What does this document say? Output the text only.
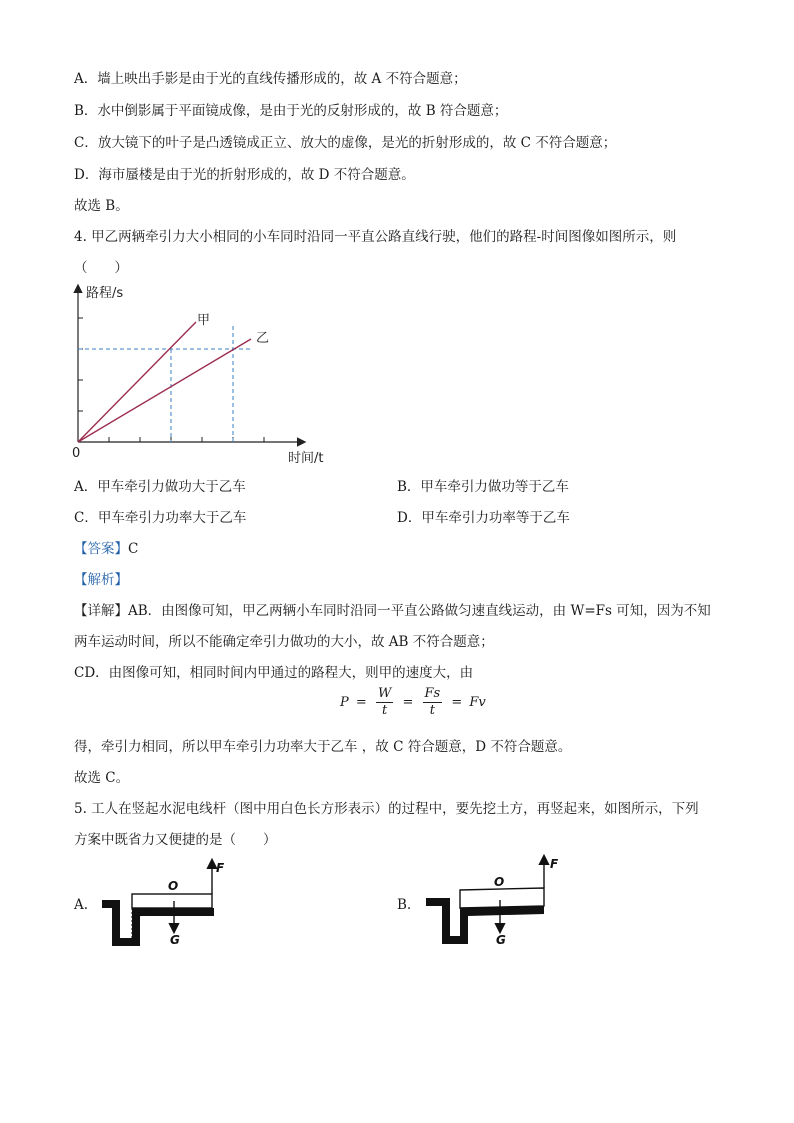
A．墙上映出手影是由于光的直线传播形成的，故 A 不符合题意；
B．水中倒影属于平面镜成像，是由于光的反射形成的，故 B 符合题意；
C．放大镜下的叶子是凸透镜成正立、放大的虚像，是光的折射形成的，故 C 不符合题意；
D．海市蜃楼是由于光的折射形成的，故 D 不符合题意。
故选 B。
4. 甲乙两辆牵引力大小相同的小车同时沿同一平直公路直线行驶，他们的路程-时间图像如图所示，则
（　　）
路程/s
时间/t
0
甲
乙
A．甲车牵引力做功大于乙车	B．甲车牵引力做功等于乙车
C．甲车牵引力功率大于乙车	D．甲车牵引力功率等于乙车
【答案】C
【解析】
【详解】AB．由图像可知，甲乙两辆小车同时沿同一平直公路做匀速直线运动，由 W=Fs 可知，因为不知
两车运动时间，所以不能确定牵引力做功的大小，故 AB 不符合题意；
CD．由图像可知，相同时间内甲通过的路程大，则甲的速度大，由
$P = \frac{W}{t} = \frac{Fs}{t} = Fv$
得，牵引力相同，所以甲车牵引力功率大于乙车 ，故 C 符合题意，D 不符合题意。
故选 C。
5. 工人在竖起水泥电线杆（图中用白色长方形表示）的过程中，要先挖土方，再竖起来，如图所示，下列
方案中既省力又便捷的是（　　）
A.
F
O
G
B.
F
O
G
